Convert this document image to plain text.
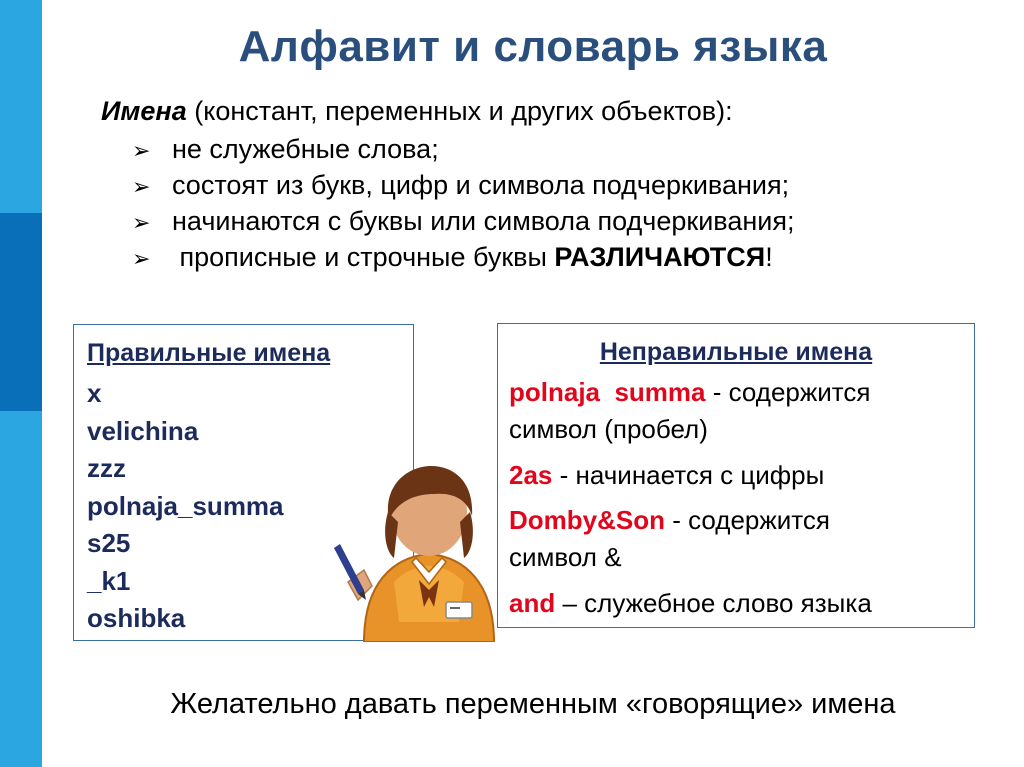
Алфавит и словарь языка
Имена (констант, переменных и других объектов):
➢ не служебные слова;
➢ состоят из букв, цифр и символа подчеркивания;
➢ начинаются с буквы или символа подчеркивания;
➢ прописные и строчные буквы РАЗЛИЧАЮТСЯ!
Правильные имена
x
velichina
zzz
polnaja_summa
s25
_k1
oshibka
Неправильные имена
polnaja  summa - содержится
символ (пробел)
2as - начинается с цифры
Domby&Son - содержится
символ &
and – служебное слово языка
Желательно давать переменным «говорящие» имена
